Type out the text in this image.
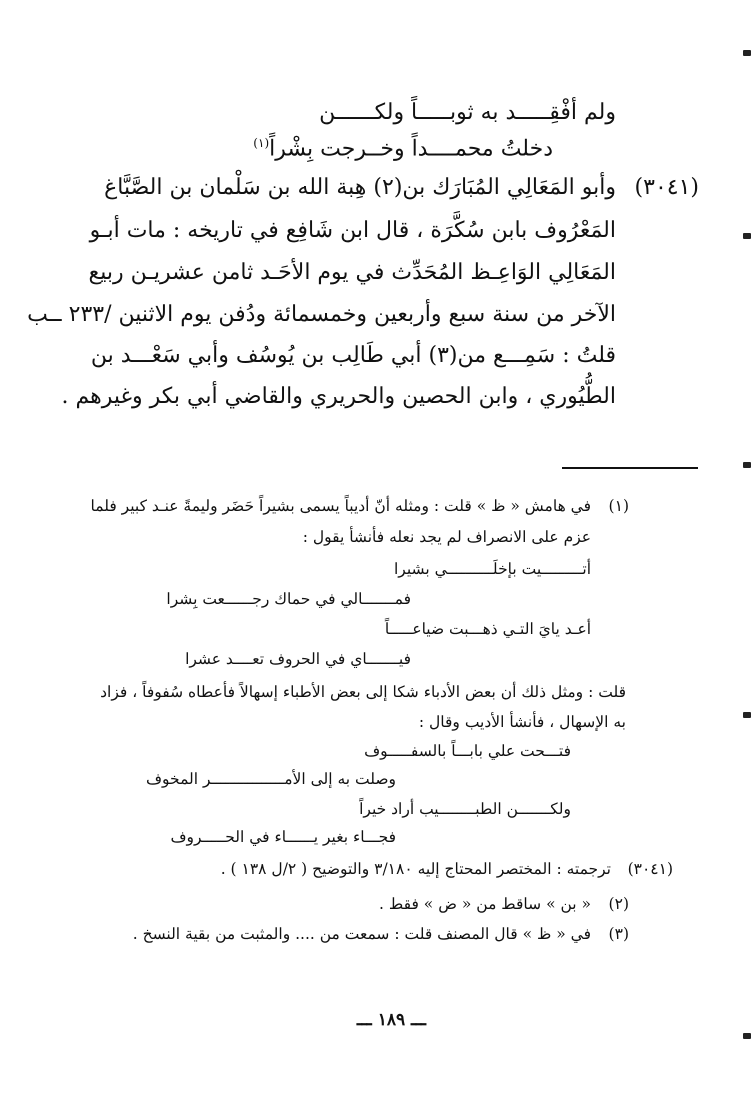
ولم أفْقِـــــد به ثوبـــــاً ولكــــــن
دخلتُ محمــــداً وخــرجت بِشْراً$^{(١)}$
(٣٠٤١)
وأبو المَعَالِي المُبَارَك بن(٢) هِبة الله بن سَلْمان بن الصَّبَّاغ
المَعْرُوف بابن سُكَّرَة ، قال ابن شَافِع في تاريخه : مات أبـو
المَعَالِي الوَاعِـظ المُحَدِّث في يوم الأحَـد ثامن عشريـن ربيع
الآخر من سنة سبع وأربعين وخمسمائة ودُفن يوم الاثنين /٢٣٣ ــب
قلتُ : سَمِـــع من(٣) أبي طَالِب بن يُوسُف وأبي سَعْـــد بن
الطُّيُوري ، وابن الحصين والحريري والقاضي أبي بكر وغيرهم .
(١)
في هامش « ظ » قلت : ومثله أنّ أديباً يسمى بشيراً حَضَر وليمةً عنـد كبير فلما
عزم على الانصراف لم يجد نعله فأنشأ يقول :
أتـــــــــيت بإخلَــــــــــي بشيرا
فمـــــــالي في حماك رجــــــعت بِشرا
أعـد يايَ التـي ذهـــبت ضياعـــــاً
فيـــــــاي في الحروف تعــــد عشرا
قلت : ومثل ذلك أن بعض الأدباء شكا إلى بعض الأطباء إسهالاً فأعطاه سُفوفاً ، فزاد
به الإسهال ، فأنشأ الأديب وقال :
فتـــحت علي بابـــاً بالسفـــــوف
وصلت به إلى الأمــــــــــــــــر المخوف
ولكـــــــن الطبــــــــيب أراد خيراً
فجـــاء بغير يــــــاء في الحـــــروف
(٣٠٤١)
ترجمته : المختصر المحتاج إليه ٣/١٨٠ والتوضيح ( ٢/ل ١٣٨ ) .
(٢)
« بن » ساقط من « ض » فقط .
(٣)
في « ظ » قال المصنف قلت : سمعت من .... والمثبت من بقية النسخ .
ـــ ١٨٩ ـــ
